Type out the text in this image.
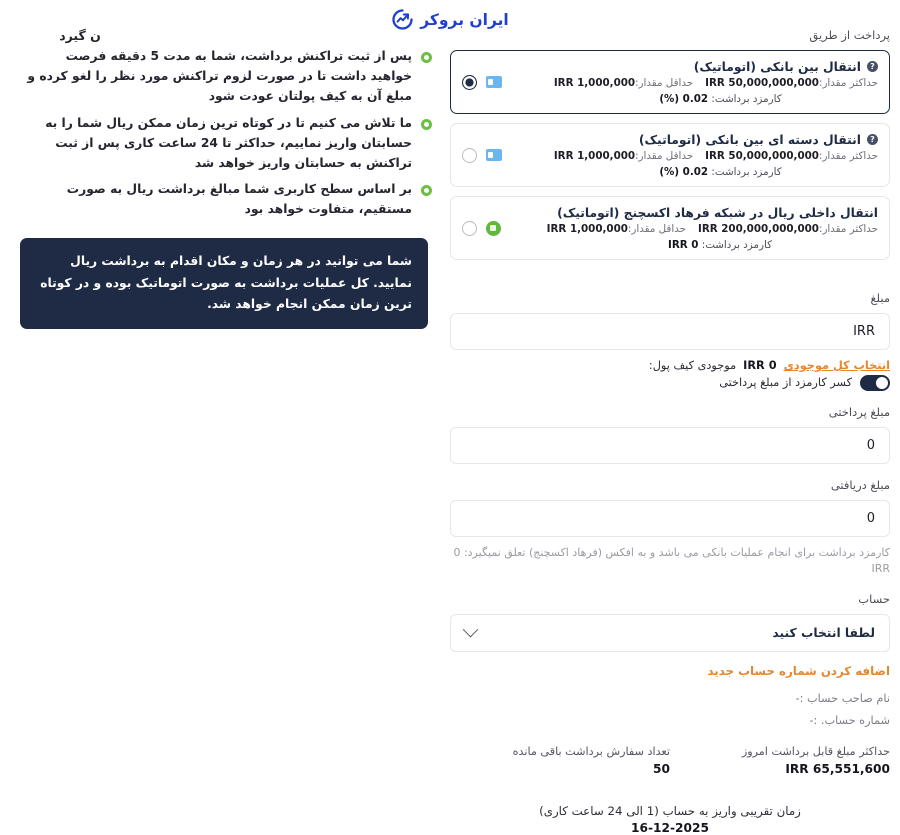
ایران بروکر
ن گیرد
پس از ثبت تراکنش برداشت، شما به مدت 5 دقیقه فرصت خواهید داشت تا در صورت لزوم تراکنش مورد نظر را لغو کرده و مبلغ آن به کیف پولتان عودت شود
ما تلاش می کنیم تا در کوتاه ترین زمان ممکن ریال شما را به حسابتان واریز نماییم، حداکثر تا 24 ساعت کاری پس از ثبت تراکنش به حسابتان واریز خواهد شد
بر اساس سطح کاربری شما مبالغ برداشت ریال به صورت مستقیم، متفاوت خواهد بود
شما می توانید در هر زمان و مکان اقدام به برداشت ریال نمایید. کل عملیات برداشت به صورت اتوماتیک بوده و در کوتاه ترین زمان ممکن انجام خواهد شد.
پرداخت از طریق
?
انتقال بین بانکی (اتوماتیک)
حداکثر مقدار:IRR 50,000,000,000حداقل مقدار:IRR 1,000,000
کارمزد برداشت: 0.02 (%)
?
انتقال دسته ای بین بانکی (اتوماتیک)
حداکثر مقدار:IRR 50,000,000,000حداقل مقدار:IRR 1,000,000
کارمزد برداشت: 0.02 (%)
انتقال داخلی ریال در شبکه فرهاد اکسچنج (اتوماتیک)
حداکثر مقدار:IRR 200,000,000,000حداقل مقدار:IRR 1,000,000
کارمزد برداشت: IRR 0
مبلغ
IRR
انتخاب کل موجودی
IRR 0
موجودی کیف پول:
کسر کارمزد از مبلغ پرداختی
مبلغ پرداختی
0
مبلغ دریافتی
0
کارمزد برداشت برای انجام عملیات بانکی می باشد و به افکس (فرهاد اکسچنج) تعلق نمیگیرد: 0 IRR
حساب
لطفا انتخاب کنید
اضافه کردن شماره حساب جدید
نام صاحب حساب :-
شماره حساب. :-
تعداد سفارش برداشت باقی مانده
50
حداکثر مبلغ قابل برداشت امروز
IRR 65,551,600
زمان تقریبی واریز به حساب (1 الی 24 ساعت کاری)
16-12-2025
